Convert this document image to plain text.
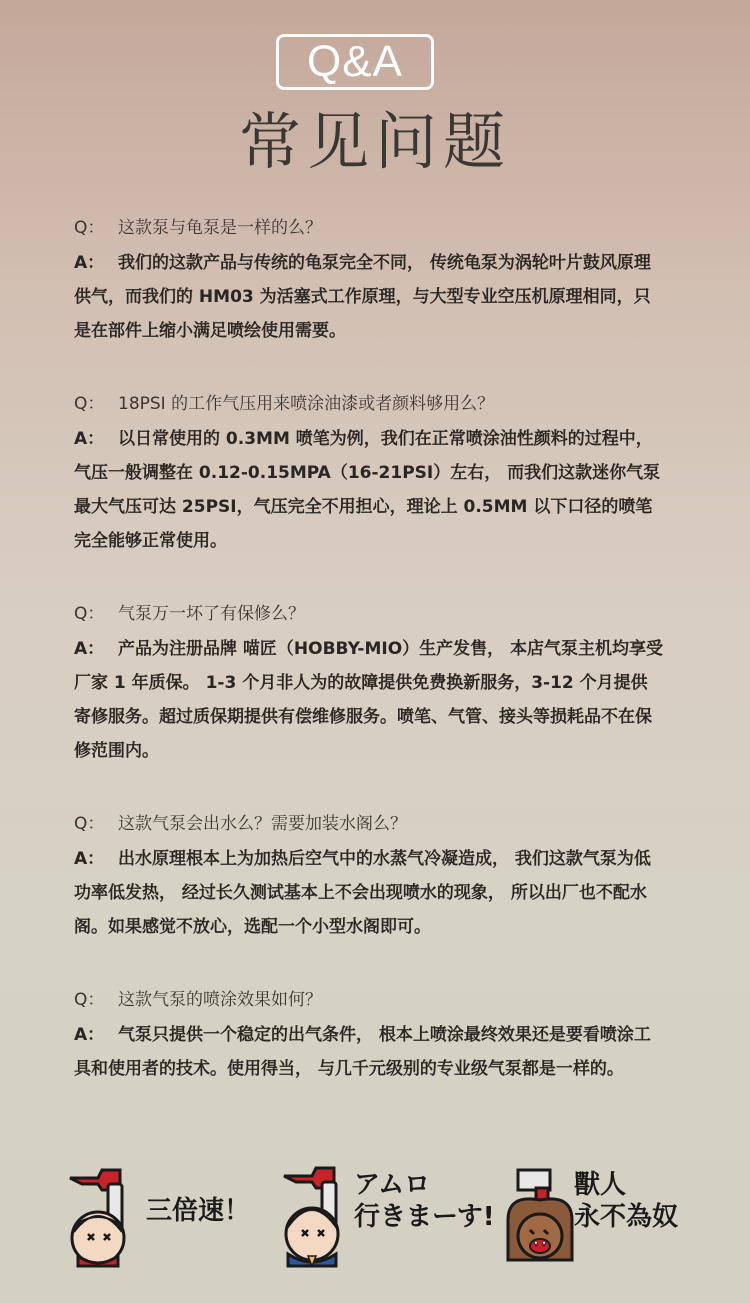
Q&A
常见问题
Q： 这款泵与龟泵是一样的么？
A： 我们的这款产品与传统的龟泵完全不同， 传统龟泵为涡轮叶片鼓风原理供气，而我们的 HM03 为活塞式工作原理，与大型专业空压机原理相同，只是在部件上缩小满足喷绘使用需要。
Q： 18PSI 的工作气压用来喷涂油漆或者颜料够用么？
A： 以日常使用的 0.3MM 喷笔为例，我们在正常喷涂油性颜料的过程中， 气压一般调整在 0.12-0.15MPA（16-21PSI）左右， 而我们这款迷你气泵最大气压可达 25PSI，气压完全不用担心，理论上 0.5MM 以下口径的喷笔完全能够正常使用。
Q： 气泵万一坏了有保修么？
A： 产品为注册品牌 喵匠（HOBBY-MIO）生产发售， 本店气泵主机均享受厂家 1 年质保。 1-3 个月非人为的故障提供免费换新服务，3-12 个月提供寄修服务。超过质保期提供有偿维修服务。喷笔、气管、接头等损耗品不在保修范围内。
Q： 这款气泵会出水么？需要加装水阁么？
A： 出水原理根本上为加热后空气中的水蒸气冷凝造成， 我们这款气泵为低功率低发热， 经过长久测试基本上不会出现喷水的现象， 所以出厂也不配水阁。如果感觉不放心，选配一个小型水阁即可。
Q： 这款气泵的喷涂效果如何？
A： 气泵只提供一个稳定的出气条件， 根本上喷涂最终效果还是要看喷涂工具和使用者的技术。使用得当， 与几千元级别的专业级气泵都是一样的。
三倍速！
アムロ
行きまーす!
獸人
永不為奴
